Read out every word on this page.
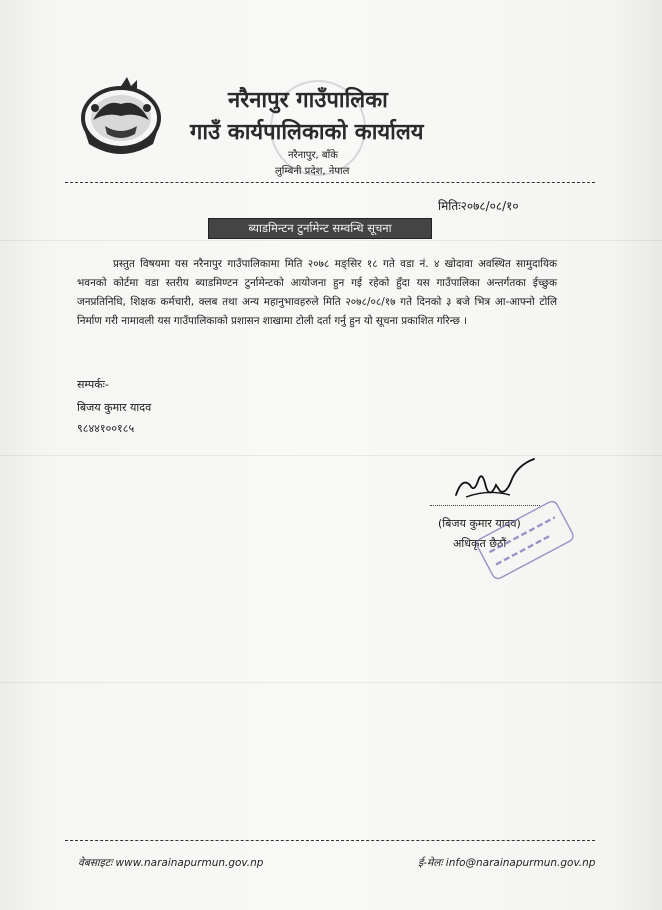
नरैनापुर गाउँपालिका
गाउँ कार्यपालिकाको कार्यालय
नरैनापुर, बाँके
लुम्बिनी प्रदेश, नेपाल
मितिः२०७८/०८/१०
ब्याडमिन्टन टुर्नामेन्ट सम्वन्धि सूचना
प्रस्तुत विषयमा यस नरैनापुर गाउँपालिकामा मिति २०७८ मङ्सिर १८ गते वडा नं. ४ खोदावा अवस्थित सामुदायिक भवनको कोर्टमा वडा स्तरीय ब्याडमिण्टन टुर्नामेन्टको आयोजना हुन गई रहेको हुँदा यस गाउँपालिका अन्तर्गतका ईच्छुक जनप्रतिनिधि, शिक्षक कर्मचारी, क्लब तथा अन्य महानुभावहरुले मिति २०७८/०८/१७ गते दिनको ३ बजे भित्र आ-आफ्नो टोलि निर्माण गरी नामावली यस गाउँपालिकाको प्रशासन शाखामा टोली दर्ता गर्नु हुन यो सूचना प्रकाशित गरिन्छ ।
सम्पर्कः-
बिजय कुमार यादव
९८४४१००१८५
(बिजय कुमार यादव)
अधिकृत छैठौं
वेबसाइटः www.narainapurmun.gov.np	ई-मेलः info@narainapurmun.gov.np
